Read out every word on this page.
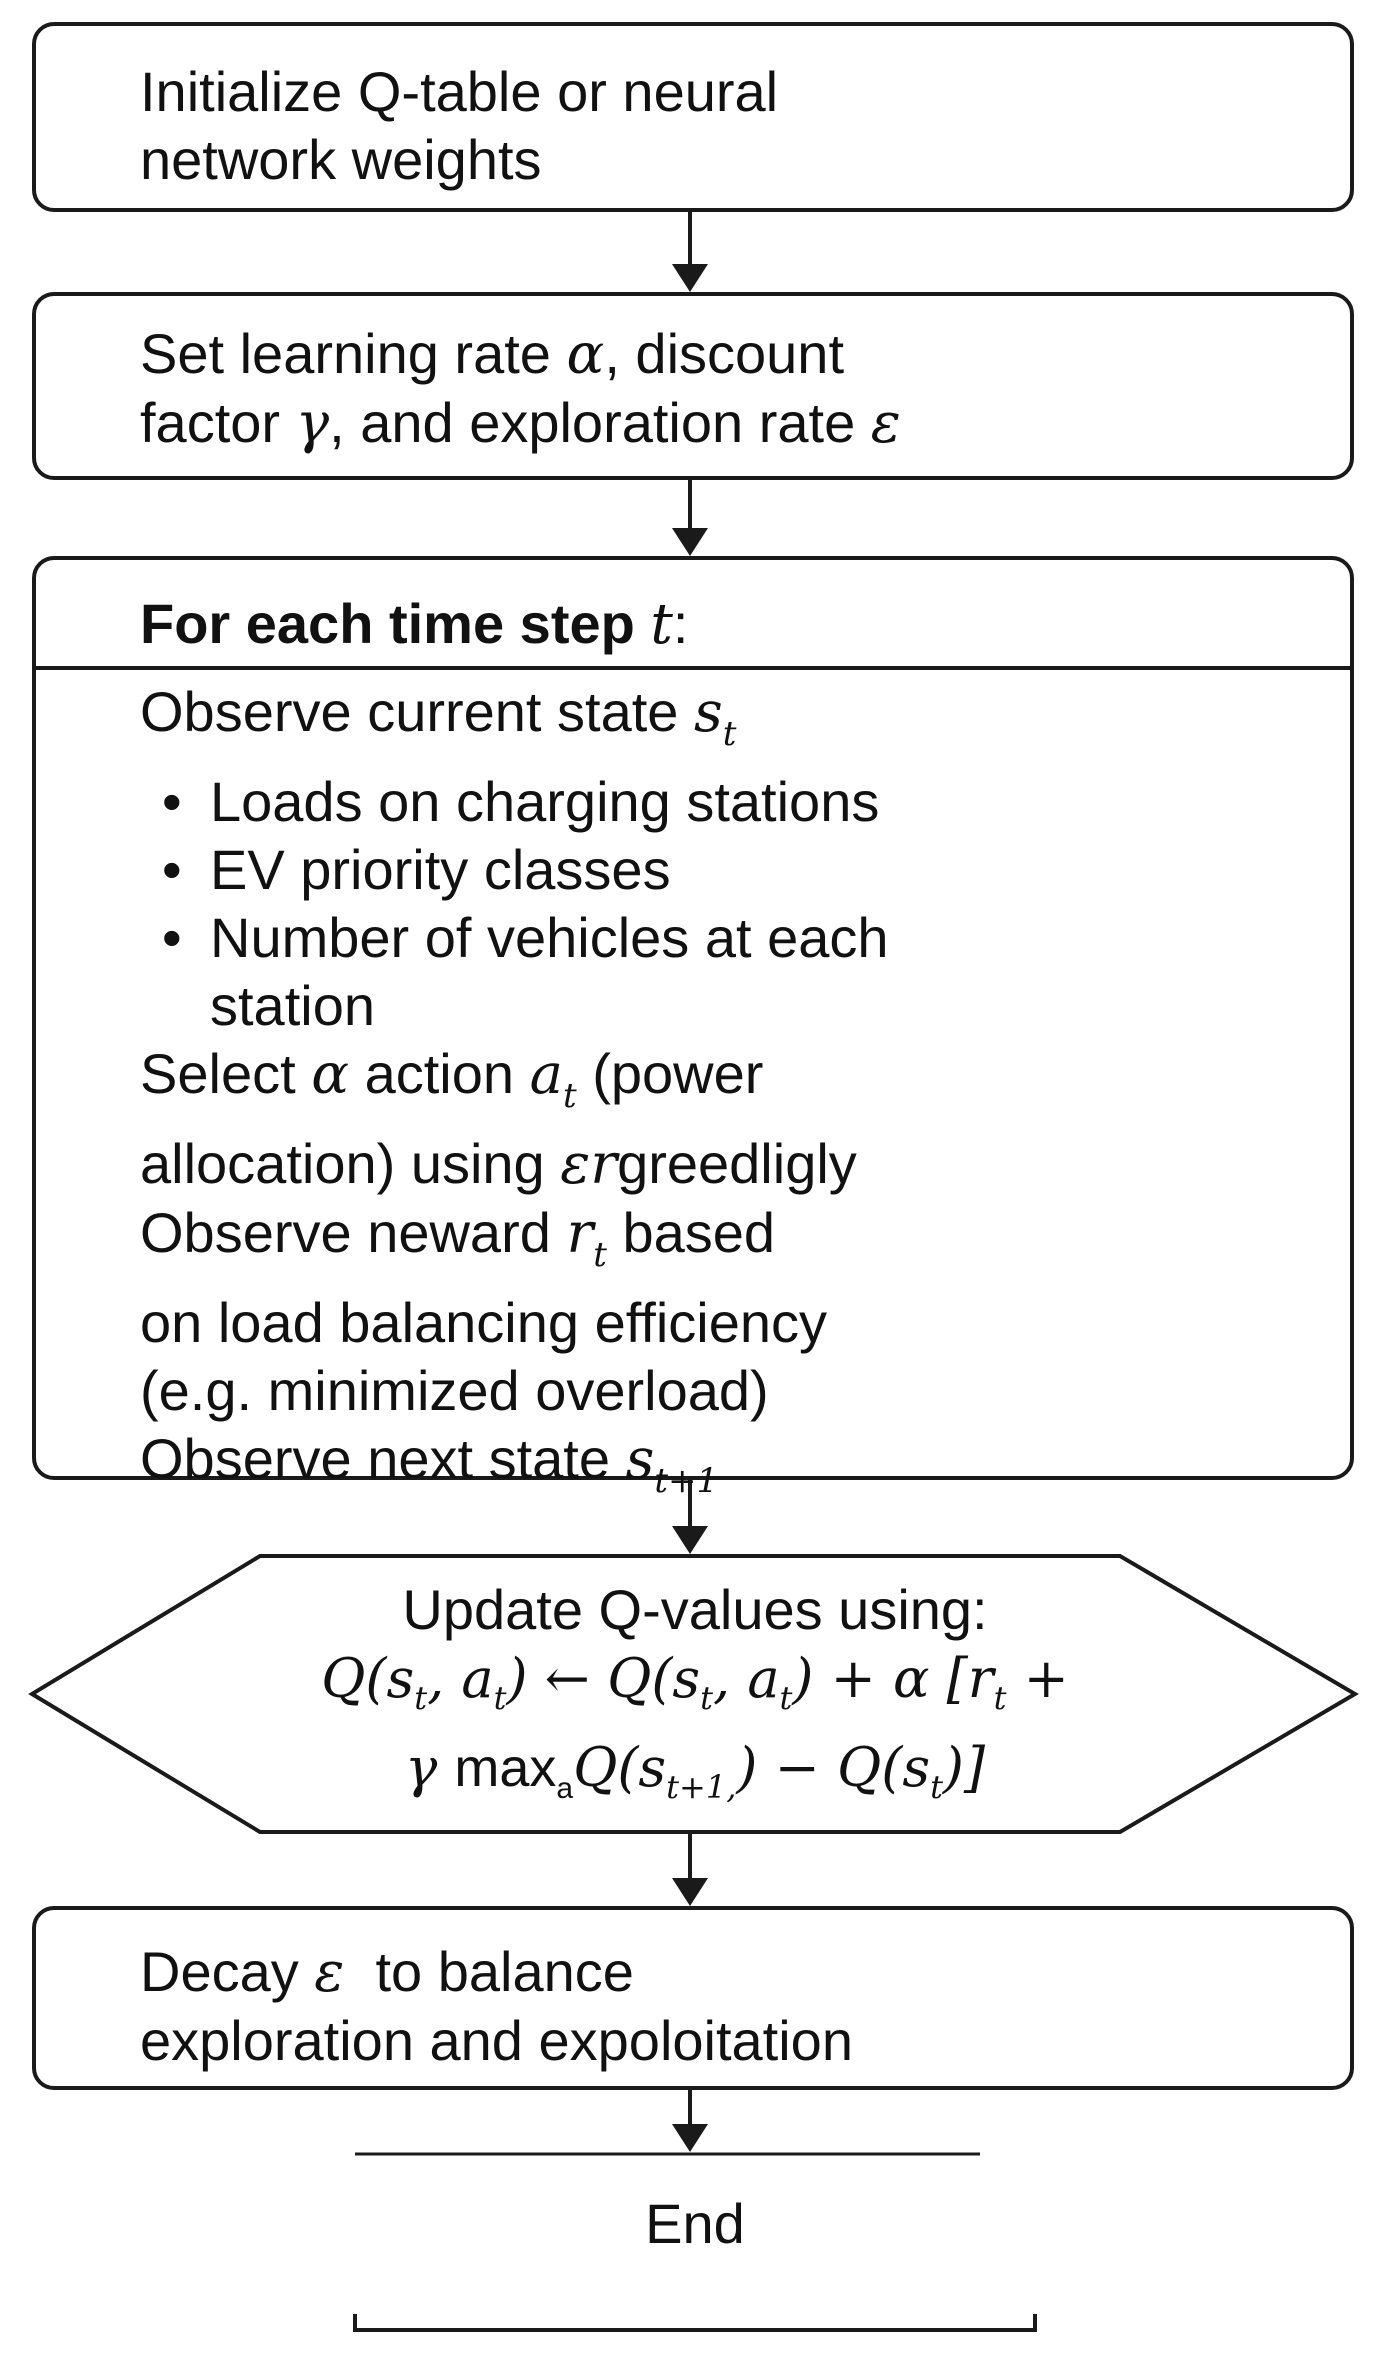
Initialize Q-table or neural
network weights
Set learning rate α, discount
factor γ, and exploration rate ε
For each time step t:
Observe current state $s_t$
• Loads on charging stations
• EV priority classes
• Number of vehicles at each
station
Select α action $a_t$ (power
allocation) using εrgreedligly
Observe neward $r_t$ based
on load balancing efficiency
(e.g. minimized overload)
Observe next state $s_{t+1}$
Update Q-values using:
$Q(s_t$, $a_t$) ← $Q(s_t$, $a_t) + \alpha$ [$r_t$ +
γ $\max_aQ(s_{t+1,}) - Q(s_t)$]
Decay ε  to balance
exploration and expoloitation
End
